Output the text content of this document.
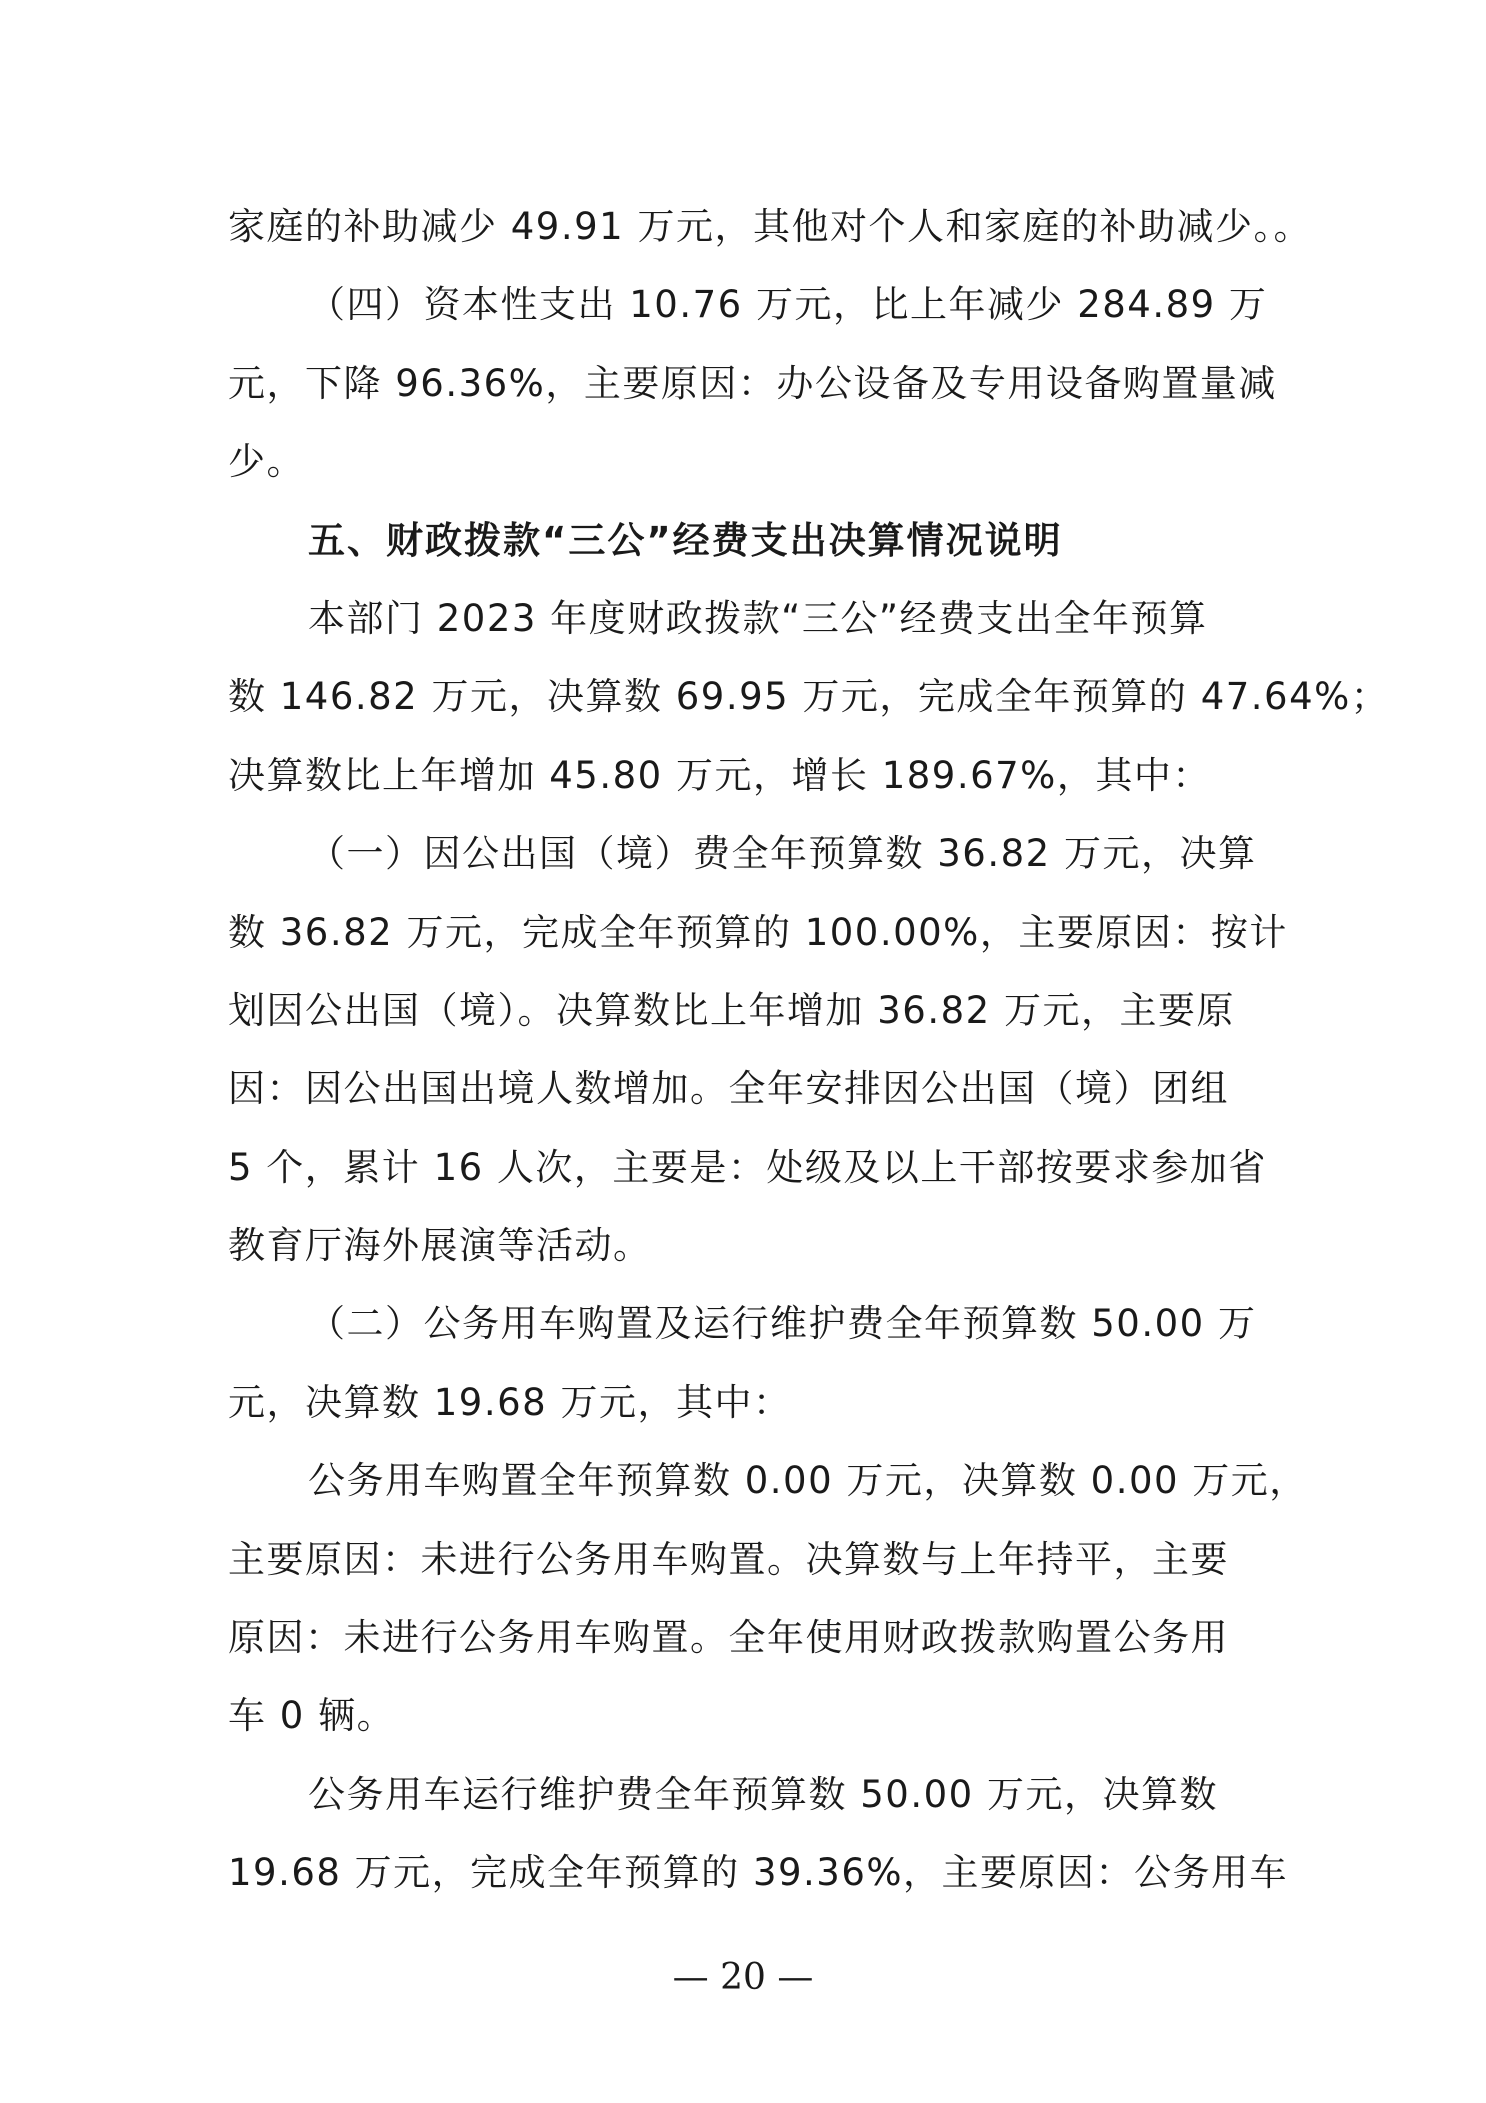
家庭的补助减少 49.91 万元，其他对个人和家庭的补助减少。。
（四）资本性支出 10.76 万元，比上年减少 284.89 万
元，下降 96.36%，主要原因：办公设备及专用设备购置量减
少。
五、财政拨款“三公”经费支出决算情况说明
本部门 2023 年度财政拨款“三公”经费支出全年预算
数 146.82 万元，决算数 69.95 万元，完成全年预算的 47.64%；
决算数比上年增加 45.80 万元，增长 189.67%，其中：
（一）因公出国（境）费全年预算数 36.82 万元，决算
数 36.82 万元，完成全年预算的 100.00%，主要原因：按计
划因公出国（境）。决算数比上年增加 36.82 万元，主要原
因：因公出国出境人数增加。全年安排因公出国（境）团组
5 个，累计 16 人次，主要是：处级及以上干部按要求参加省
教育厅海外展演等活动。
（二）公务用车购置及运行维护费全年预算数 50.00 万
元，决算数 19.68 万元，其中：
公务用车购置全年预算数 0.00 万元，决算数 0.00 万元，
主要原因：未进行公务用车购置。决算数与上年持平，主要
原因：未进行公务用车购置。全年使用财政拨款购置公务用
车 0 辆。
公务用车运行维护费全年预算数 50.00 万元，决算数
19.68 万元，完成全年预算的 39.36%，主要原因：公务用车
— 20 —
